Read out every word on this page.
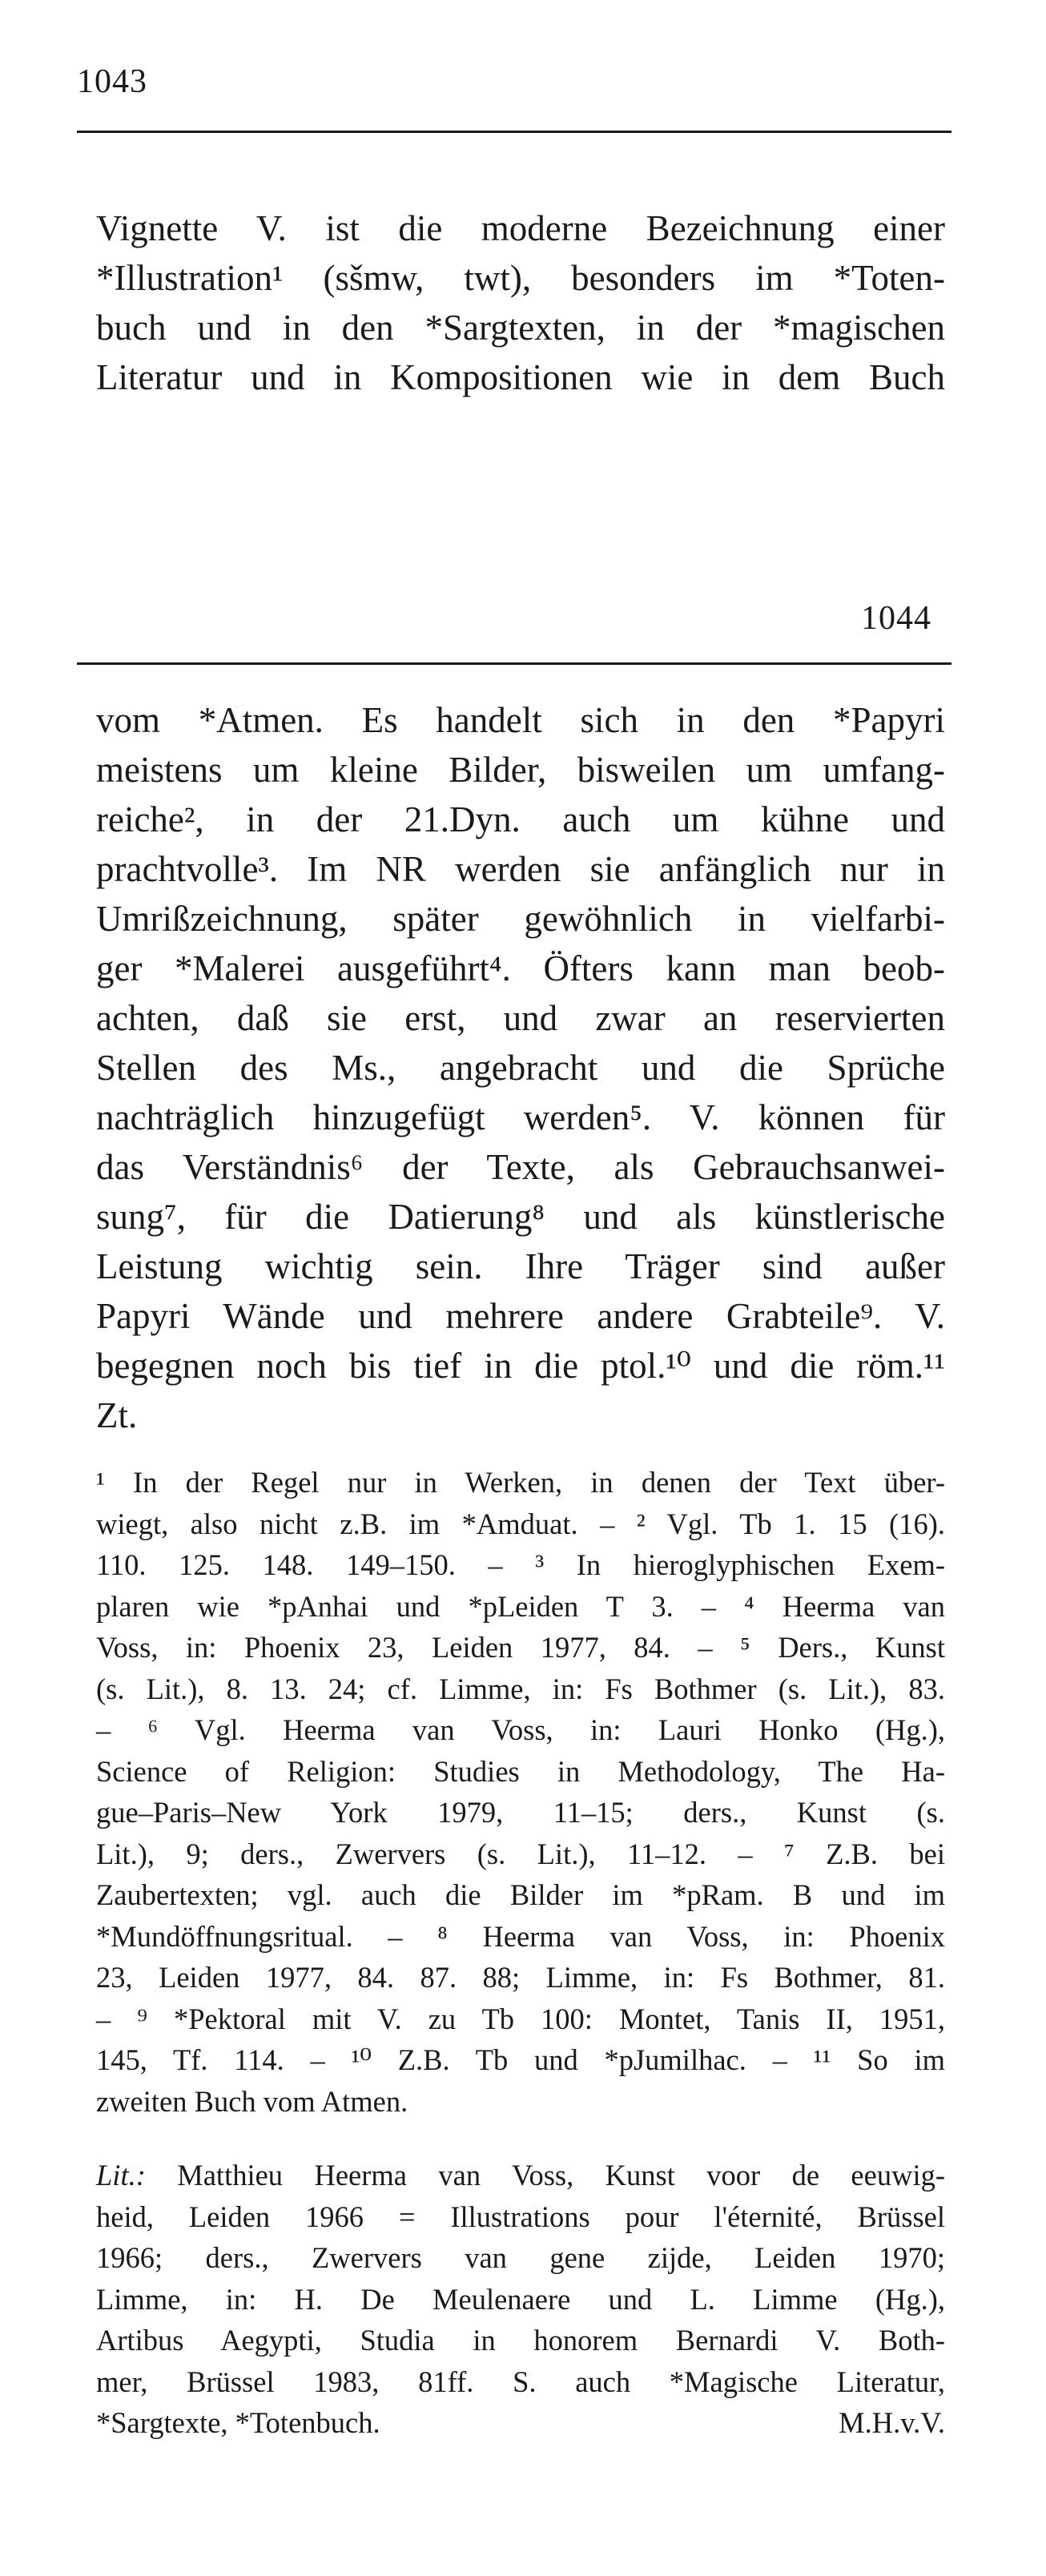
1043
Vignette V. ist die moderne Bezeichnung einer
*Illustration¹ (sšmw, twt), besonders im *Toten-
buch und in den *Sargtexten, in der *magischen
Literatur und in Kompositionen wie in dem Buch
1044
vom *Atmen. Es handelt sich in den *Papyri
meistens um kleine Bilder, bisweilen um umfang-
reiche², in der 21.Dyn. auch um kühne und
prachtvolle³. Im NR werden sie anfänglich nur in
Umrißzeichnung, später gewöhnlich in vielfarbi-
ger *Malerei ausgeführt⁴. Öfters kann man beob-
achten, daß sie erst, und zwar an reservierten
Stellen des Ms., angebracht und die Sprüche
nachträglich hinzugefügt werden⁵. V. können für
das Verständnis⁶ der Texte, als Gebrauchsanwei-
sung⁷, für die Datierung⁸ und als künstlerische
Leistung wichtig sein. Ihre Träger sind außer
Papyri Wände und mehrere andere Grabteile⁹. V.
begegnen noch bis tief in die ptol.¹⁰ und die röm.¹¹
Zt.
¹ In der Regel nur in Werken, in denen der Text über-
wiegt, also nicht z.B. im *Amduat. – ² Vgl. Tb 1. 15 (16).
110. 125. 148. 149–150. – ³ In hieroglyphischen Exem-
plaren wie *pAnhai und *pLeiden T 3. – ⁴ Heerma van
Voss, in: Phoenix 23, Leiden 1977, 84. – ⁵ Ders., Kunst
(s. Lit.), 8. 13. 24; cf. Limme, in: Fs Bothmer (s. Lit.), 83.
– ⁶ Vgl. Heerma van Voss, in: Lauri Honko (Hg.),
Science of Religion: Studies in Methodology, The Ha-
gue–Paris–New York 1979, 11–15; ders., Kunst (s.
Lit.), 9; ders., Zwervers (s. Lit.), 11–12. – ⁷ Z.B. bei
Zaubertexten; vgl. auch die Bilder im *pRam. B und im
*Mundöffnungsritual. – ⁸ Heerma van Voss, in: Phoenix
23, Leiden 1977, 84. 87. 88; Limme, in: Fs Bothmer, 81.
– ⁹ *Pektoral mit V. zu Tb 100: Montet, Tanis II, 1951,
145, Tf. 114. – ¹⁰ Z.B. Tb und *pJumilhac. – ¹¹ So im
zweiten Buch vom Atmen.
Lit.: Matthieu Heerma van Voss, Kunst voor de eeuwig-
heid, Leiden 1966 = Illustrations pour l'éternité, Brüssel
1966; ders., Zwervers van gene zijde, Leiden 1970;
Limme, in: H. De Meulenaere und L. Limme (Hg.),
Artibus Aegypti, Studia in honorem Bernardi V. Both-
mer, Brüssel 1983, 81ff. S. auch *Magische Literatur,
*Sargtexte, *Totenbuch.	M.H.v.V.
